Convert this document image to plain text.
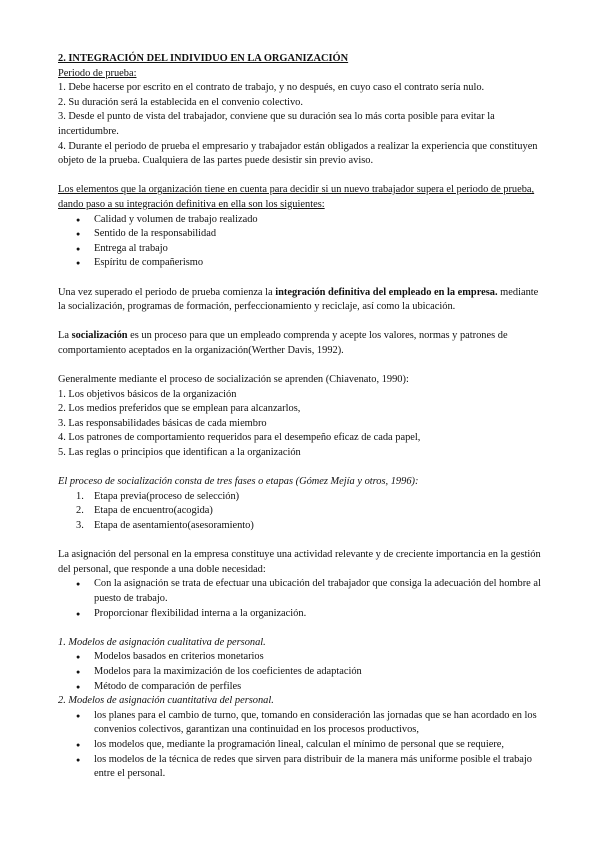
2. INTEGRACIÓN DEL INDIVIDUO EN LA ORGANIZACIÓN

Periodo de prueba:

1. Debe hacerse por escrito en el contrato de trabajo, y no después, en cuyo caso el contrato sería nulo.

2. Su duración será la establecida en el convenio colectivo.

3. Desde el punto de vista del trabajador, conviene que su duración sea lo más corta posible para evitar la incertidumbre.

4. Durante el periodo de prueba el empresario y trabajador están obligados a realizar la experiencia que constituyen objeto de la prueba. Cualquiera de las partes puede desistir sin previo aviso.

Los elementos que la organización tiene en cuenta para decidir si un nuevo trabajador supera el periodo de prueba, dando paso a su integración definitiva en ella son los siguientes:

● Calidad y volumen de trabajo realizado
● Sentido de la responsabilidad
● Entrega al trabajo
● Espíritu de compañerismo

Una vez superado el periodo de prueba comienza la integración definitiva del empleado en la empresa. mediante la socialización, programas de formación, perfeccionamiento y reciclaje, así como la ubicación.

La socialización es un proceso para que un empleado comprenda y acepte los valores, normas y patrones de comportamiento aceptados en la organización(Werther Davis, 1992).

Generalmente mediante el proceso de socialización se aprenden (Chiavenato, 1990):

1. Los objetivos básicos de la organización

2. Los medios preferidos que se emplean para alcanzarlos,

3. Las responsabilidades básicas de cada miembro

4. Los patrones de comportamiento requeridos para el desempeño eficaz de cada papel,

5. Las reglas o principios que identifican a la organización

El proceso de socialización consta de tres fases o etapas (Gómez Mejía y otros, 1996):

1. Etapa previa(proceso de selección)
2. Etapa de encuentro(acogida)
3. Etapa de asentamiento(asesoramiento)

La asignación del personal en la empresa constituye una actividad relevante y de creciente importancia en la gestión del personal, que responde a una doble necesidad:

● Con la asignación se trata de efectuar una ubicación del trabajador que consiga la adecuación del hombre al puesto de trabajo.
● Proporcionar flexibilidad interna a la organización.

1. Modelos de asignación cualitativa de personal.

● Modelos basados en criterios monetarios
● Modelos para la maximización de los coeficientes de adaptación
● Método de comparación de perfiles

2. Modelos de asignación cuantitativa del personal.

● los planes para el cambio de turno, que, tomando en consideración las jornadas que se han acordado en los convenios colectivos, garantizan una continuidad en los procesos productivos,
● los modelos que, mediante la programación lineal, calculan el mínimo de personal que se requiere,
● los modelos de la técnica de redes que sirven para distribuir de la manera más uniforme posible el trabajo entre el personal.
